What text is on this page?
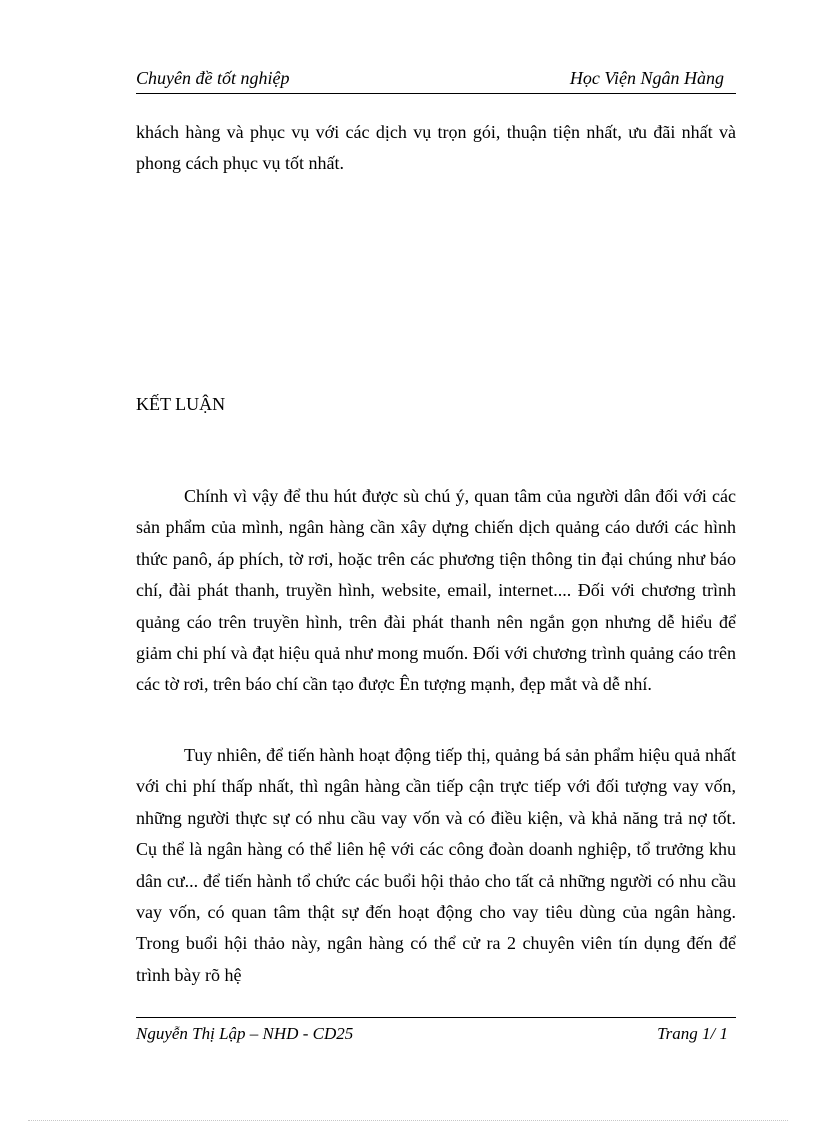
Chuyên đề tốt nghiệp	Học Viện Ngân Hàng

khách hàng và phục vụ với các dịch vụ trọn gói, thuận tiện nhất, ưu đãi nhất và phong cách phục vụ tốt nhất.

KẾT LUẬN

Chính vì vậy để thu hút được sù chú ý, quan tâm của người dân đối với các sản phẩm của mình, ngân hàng cần xây dựng chiến dịch quảng cáo dưới các hình thức panô, áp phích, tờ rơi, hoặc trên các phương tiện thông tin đại chúng như báo chí, đài phát thanh, truyền hình, website, email, internet.... Đối với chương trình quảng cáo trên truyền hình, trên đài phát thanh nên ngắn gọn nhưng dễ hiểu để giảm chi phí và đạt hiệu quả như mong muốn. Đối với chương trình quảng cáo trên các tờ rơi, trên báo chí cần tạo được Ên tượng mạnh, đẹp mắt và dễ nhí.

Tuy nhiên, để tiến hành hoạt động tiếp thị, quảng bá sản phẩm hiệu quả nhất với chi phí thấp nhất, thì ngân hàng cần tiếp cận trực tiếp với đối tượng vay vốn, những người thực sự có nhu cầu vay vốn và có điều kiện, và khả năng trả nợ tốt. Cụ thể là ngân hàng có thể liên hệ với các công đoàn doanh nghiệp, tổ trưởng khu dân cư... để tiến hành tổ chức các buổi hội thảo cho tất cả những người có nhu cầu vay vốn, có quan tâm thật sự đến hoạt động cho vay tiêu dùng của ngân hàng. Trong buổi hội thảo này, ngân hàng có thể cử ra 2 chuyên viên tín dụng đến để trình bày rõ hệ

Nguyễn Thị Lập – NHD - CD25	Trang 1/ 1
